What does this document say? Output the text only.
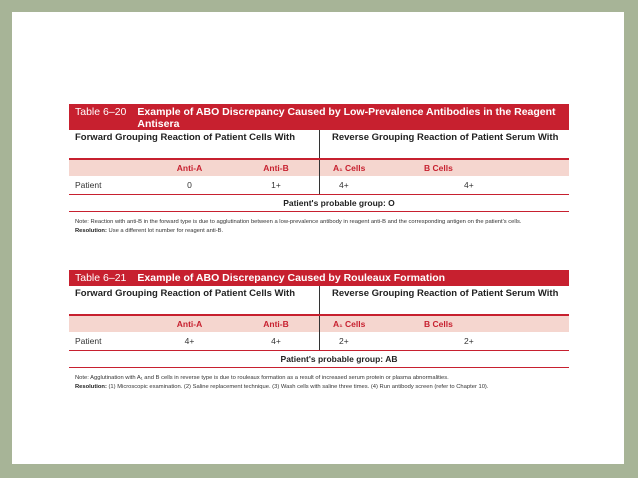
Table 6–20 Example of ABO Discrepancy Caused by Low-Prevalence Antibodies in the Reagent Antisera
Forward Grouping Reaction of Patient Cells With	Reverse Grouping Reaction of Patient Serum With
Anti-A	Anti-B	A₁ Cells	B Cells
Patient	0	1+	4+	4+
Patient's probable group: O
Note: Reaction with anti-B in the forward type is due to agglutination between a low-prevalence antibody in reagent anti-B and the corresponding antigen on the patient's cells.
Resolution: Use a different lot number for reagent anti-B.
Table 6–21 Example of ABO Discrepancy Caused by Rouleaux Formation
Forward Grouping Reaction of Patient Cells With	Reverse Grouping Reaction of Patient Serum With
Anti-A	Anti-B	A₁ Cells	B Cells
Patient	4+	4+	2+	2+
Patient's probable group: AB
Note: Agglutination with A₁ and B cells in reverse type is due to rouleaux formation as a result of increased serum protein or plasma abnormalities.
Resolution: (1) Microscopic examination. (2) Saline replacement technique. (3) Wash cells with saline three times. (4) Run antibody screen (refer to Chapter 10).
